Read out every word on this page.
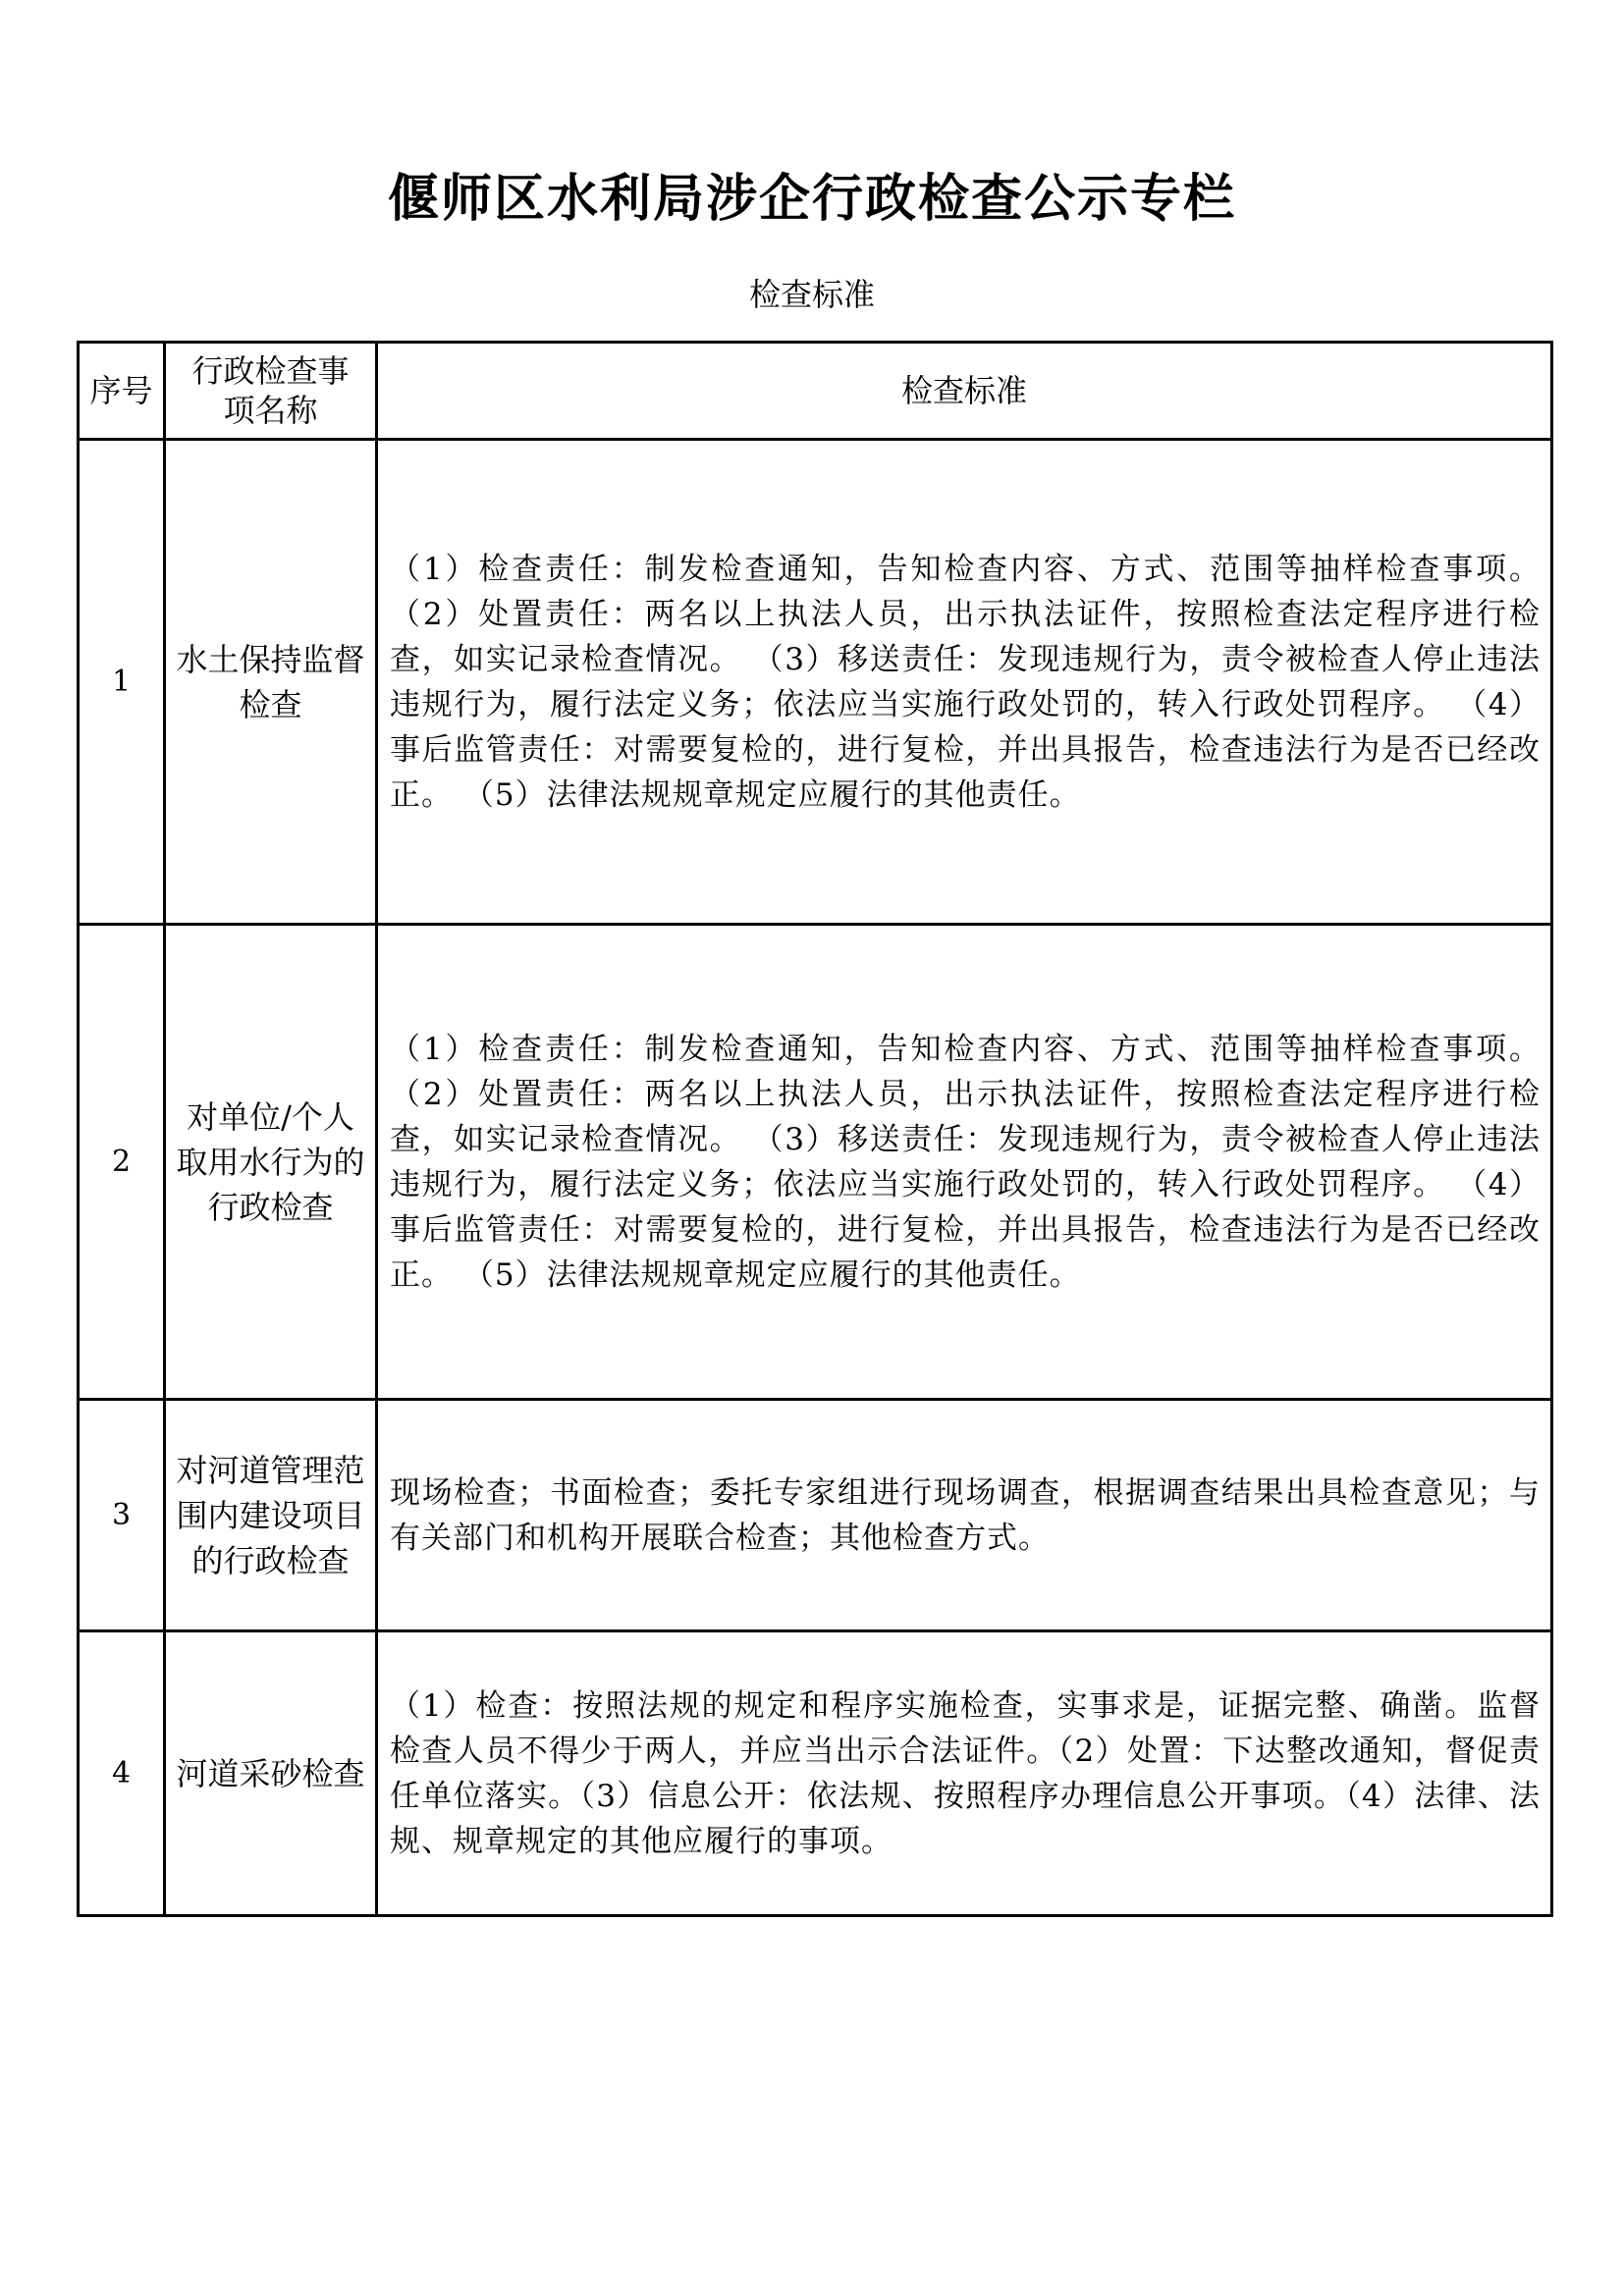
偃师区水利局涉企行政检查公示专栏
检查标准
序号	行政检查事项名称	检查标准
1	水土保持监督检查	（1）检查责任：制发检查通知，告知检查内容、方式、范围等抽样检查事项。 （2）处置责任：两名以上执法人员，出示执法证件，按照检查法定程序进行检查，如实记录检查情况。 （3）移送责任：发现违规行为，责令被检查人停止违法违规行为，履行法定义务；依法应当实施行政处罚的，转入行政处罚程序。 （4）事后监管责任：对需要复检的，进行复检，并出具报告，检查违法行为是否已经改正。 （5）法律法规规章规定应履行的其他责任。
2	对单位/个人取用水行为的行政检查	（1）检查责任：制发检查通知，告知检查内容、方式、范围等抽样检查事项。 （2）处置责任：两名以上执法人员，出示执法证件，按照检查法定程序进行检查，如实记录检查情况。 （3）移送责任：发现违规行为，责令被检查人停止违法违规行为，履行法定义务；依法应当实施行政处罚的，转入行政处罚程序。 （4）事后监管责任：对需要复检的，进行复检，并出具报告，检查违法行为是否已经改正。 （5）法律法规规章规定应履行的其他责任。
3	对河道管理范围内建设项目的行政检查	现场检查；书面检查；委托专家组进行现场调查，根据调查结果出具检查意见；与有关部门和机构开展联合检查；其他检查方式。
4	河道采砂检查	（1）检查：按照法规的规定和程序实施检查，实事求是，证据完整、确凿。监督检查人员不得少于两人，并应当出示合法证件。（2）处置：下达整改通知，督促责任单位落实。（3）信息公开：依法规、按照程序办理信息公开事项。（4）法律、法规、规章规定的其他应履行的事项。
